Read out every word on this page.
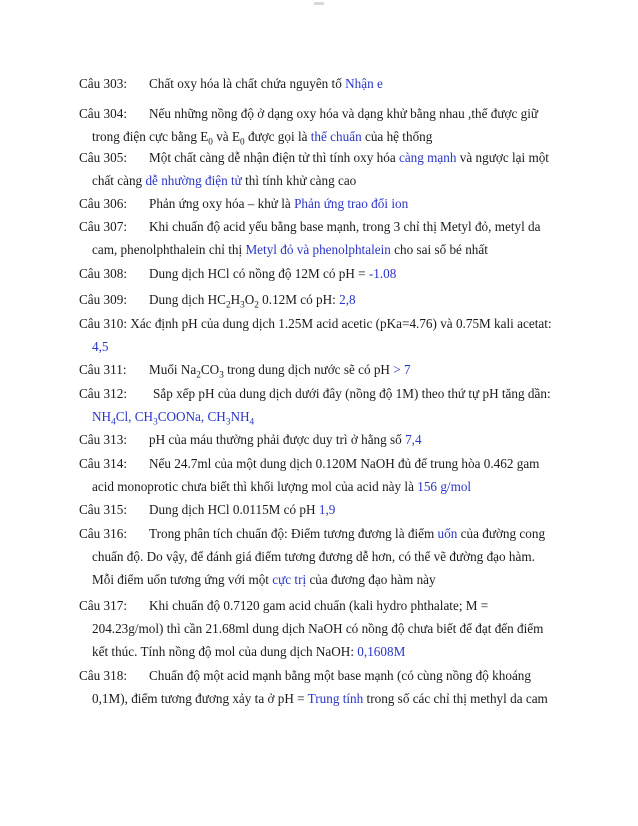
Câu 303:	Chất oxy hóa là chất chứa nguyên tố Nhận e
Câu 304:	Nếu những nồng độ ở dạng oxy hóa và dạng khử bằng nhau ,thế được giữ
trong điện cực bằng $E_0$ và $E_0$ được gọi là thế chuẩn của hệ thống
Câu 305:	Một chất càng dễ nhận điện tử thì tính oxy hóa càng mạnh và ngược lại một
chất càng dễ nhường điện tử thì tính khử càng cao
Câu 306:	Phản ứng oxy hóa – khử là Phản ứng trao đổi ion
Câu 307:	Khi chuẩn độ acid yếu bằng base mạnh, trong 3 chỉ thị Metyl đỏ, metyl da
cam, phenolphthalein chỉ thị Metyl đỏ và phenolphtalein cho sai số bé nhất
Câu 308:	Dung dịch HCl có nồng độ 12M có pH = -1.08
Câu 309:	Dung dịch $HC_2H_3O_2$ 0.12M có pH: 2,8
Câu 310: Xác định pH của dung dịch 1.25M acid acetic (pKa=4.76) và 0.75M kali acetat:
4,5
Câu 311:	Muối $Na_2CO_3$ trong dung dịch nước sẽ có pH > 7
Câu 312:	Sắp xếp pH của dung dịch dưới đây (nồng độ 1M) theo thứ tự pH tăng dần:
$NH_4Cl$, $CH_3COONa$, $CH_3NH_4$
Câu 313:	pH của máu thường phải được duy trì ở hằng số 7,4
Câu 314:	Nếu 24.7ml của một dung dịch 0.120M NaOH đủ để trung hòa 0.462 gam
acid monoprotic chưa biết thì khối lượng mol của acid này là 156 g/mol
Câu 315:	Dung dịch HCl 0.0115M có pH 1,9
Câu 316:	Trong phân tích chuẩn độ: Điểm tương đương là điểm uốn của đường cong
chuẩn độ. Do vậy, để đánh giá điểm tương đương dễ hơn, có thể vẽ đường đạo hàm.
Mỗi điểm uốn tương ứng với một cực trị của đương đạo hàm này
Câu 317:	Khi chuẩn độ 0.7120 gam acid chuẩn (kali hydro phthalate; M =
204.23g/mol) thì cần 21.68ml dung dịch NaOH có nồng độ chưa biết để đạt đến điểm
kết thúc. Tính nồng độ mol của dung dịch NaOH: 0,1608M
Câu 318:	Chuẩn độ một acid mạnh bằng một base mạnh (có cùng nồng độ khoáng
0,1M), điểm tương đương xảy ta ở pH = Trung tính trong số các chỉ thị methyl da cam
